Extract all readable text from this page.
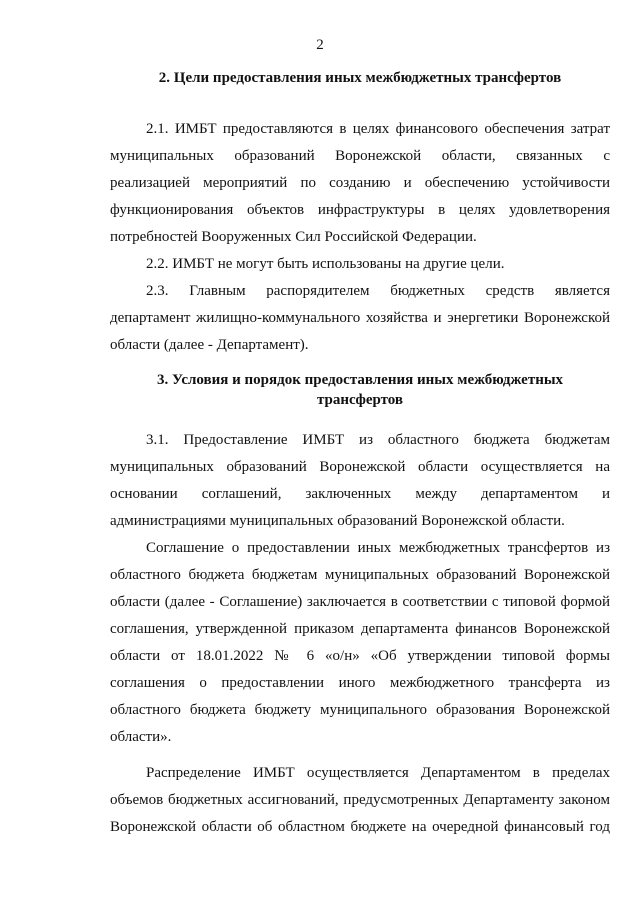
2
2. Цели предоставления иных межбюджетных трансфертов

2.1. ИМБТ предоставляются в целях финансового обеспечения затрат

муниципальных образований Воронежской области, связанных с

реализацией мероприятий по созданию и обеспечению устойчивости

функционирования объектов инфраструктуры в целях удовлетворения

потребностей Вооруженных Сил Российской Федерации.

2.2. ИМБТ не могут быть использованы на другие цели.

2.3. Главным распорядителем бюджетных средств является

департамент жилищно-коммунального хозяйства и энергетики Воронежской

области (далее - Департамент).

3. Условия и порядок предоставления иных межбюджетных
трансфертов

3.1. Предоставление ИМБТ из областного бюджета бюджетам

муниципальных образований Воронежской области осуществляется на

основании соглашений, заключенных между департаментом и

администрациями муниципальных образований Воронежской области.

Соглашение о предоставлении иных межбюджетных трансфертов из

областного бюджета бюджетам муниципальных образований Воронежской

области (далее - Соглашение) заключается в соответствии с типовой формой

соглашения, утвержденной приказом департамента финансов Воронежской

области от 18.01.2022 № 6 «о/н» «Об утверждении типовой формы

соглашения о предоставлении иного межбюджетного трансферта из

областного бюджета бюджету муниципального образования Воронежской

области».

Распределение ИМБТ осуществляется Департаментом в пределах

объемов бюджетных ассигнований, предусмотренных Департаменту законом

Воронежской области об областном бюджете на очередной финансовый год
